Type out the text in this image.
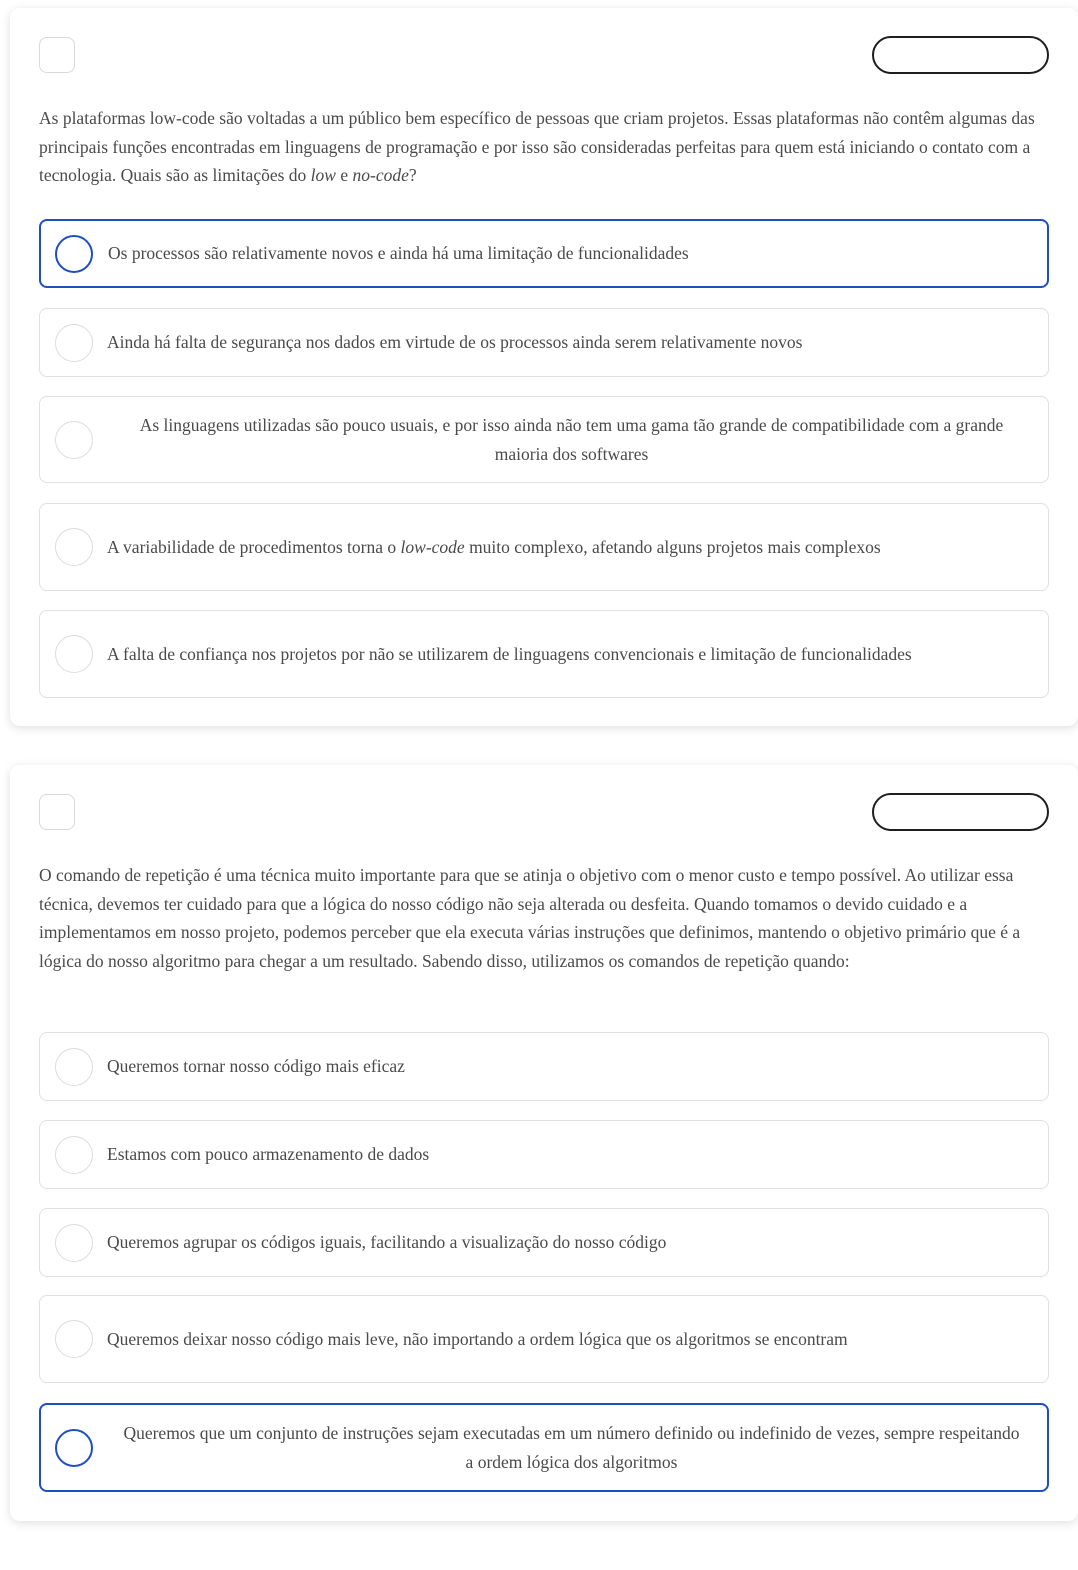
As plataformas low-code são voltadas a um público bem específico de pessoas que criam projetos. Essas plataformas não contêm algumas das principais funções encontradas em linguagens de programação e por isso são consideradas perfeitas para quem está iniciando o contato com a tecnologia. Quais são as limitações do low e no-code?

Os processos são relativamente novos e ainda há uma limitação de funcionalidades
Ainda há falta de segurança nos dados em virtude de os processos ainda serem relativamente novos
As linguagens utilizadas são pouco usuais, e por isso ainda não tem uma gama tão grande de compatibilidade com a grande maioria dos softwares
A variabilidade de procedimentos torna o low-code muito complexo, afetando alguns projetos mais complexos
A falta de confiança nos projetos por não se utilizarem de linguagens convencionais e limitação de funcionalidades

O comando de repetição é uma técnica muito importante para que se atinja o objetivo com o menor custo e tempo possível. Ao utilizar essa técnica, devemos ter cuidado para que a lógica do nosso código não seja alterada ou desfeita. Quando tomamos o devido cuidado e a implementamos em nosso projeto, podemos perceber que ela executa várias instruções que definimos, mantendo o objetivo primário que é a lógica do nosso algoritmo para chegar a um resultado. Sabendo disso, utilizamos os comandos de repetição quando:

Queremos tornar nosso código mais eficaz
Estamos com pouco armazenamento de dados
Queremos agrupar os códigos iguais, facilitando a visualização do nosso código
Queremos deixar nosso código mais leve, não importando a ordem lógica que os algoritmos se encontram
Queremos que um conjunto de instruções sejam executadas em um número definido ou indefinido de vezes, sempre respeitando a ordem lógica dos algoritmos
